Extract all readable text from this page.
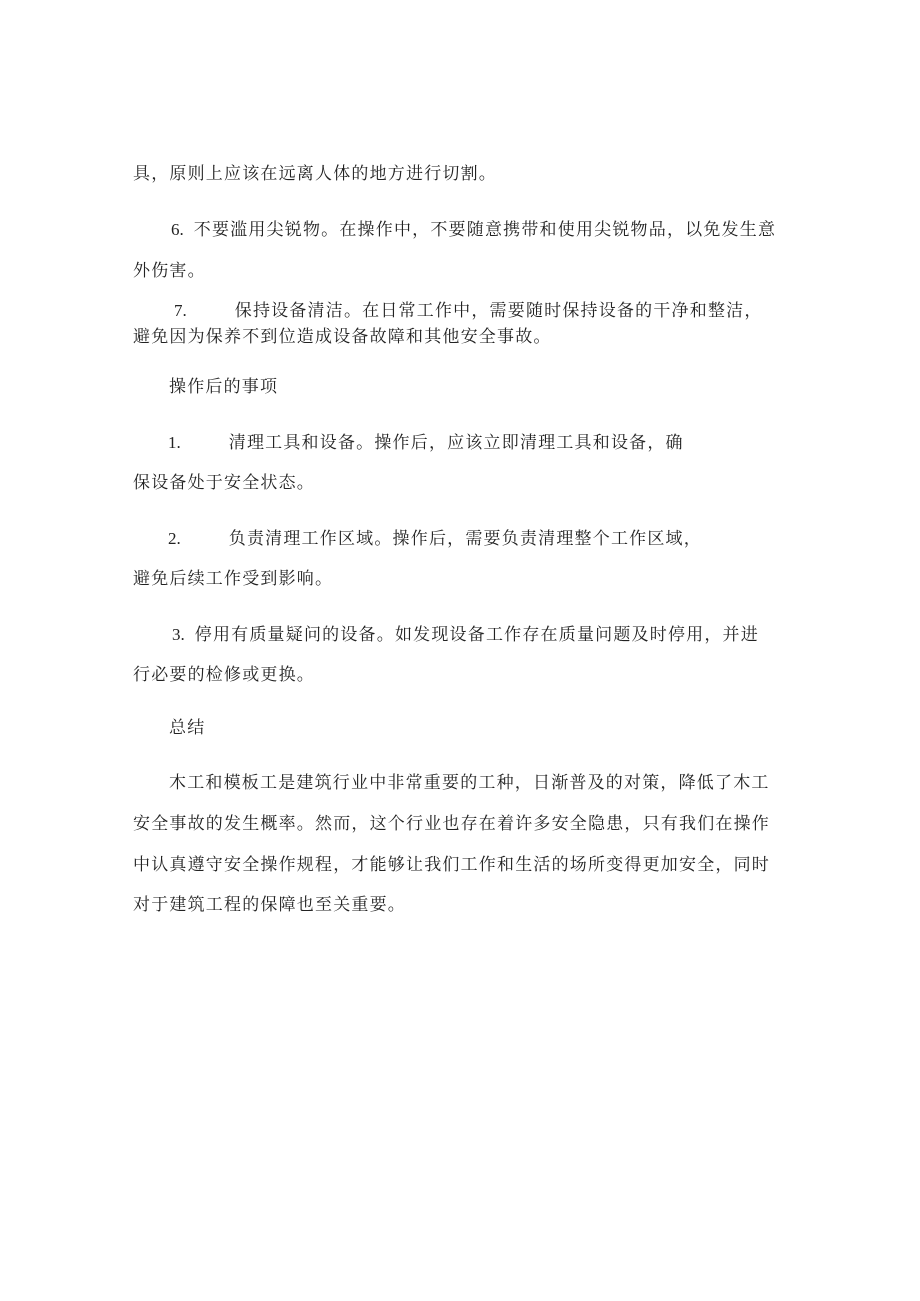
具，原则上应该在远离人体的地方进行切割。
6. 不要滥用尖锐物。在操作中，不要随意携带和使用尖锐物品，以免发生意
外伤害。
7.	保持设备清洁。在日常工作中，需要随时保持设备的干净和整洁，
避免因为保养不到位造成设备故障和其他安全事故。
操作后的事项
1.	清理工具和设备。操作后，应该立即清理工具和设备，确
保设备处于安全状态。
2.	负责清理工作区域。操作后，需要负责清理整个工作区域，
避免后续工作受到影响。
3. 停用有质量疑问的设备。如发现设备工作存在质量问题及时停用，并进
行必要的检修或更换。
总结
木工和模板工是建筑行业中非常重要的工种，日渐普及的对策，降低了木工
安全事故的发生概率。然而，这个行业也存在着许多安全隐患，只有我们在操作
中认真遵守安全操作规程，才能够让我们工作和生活的场所变得更加安全，同时
对于建筑工程的保障也至关重要。
